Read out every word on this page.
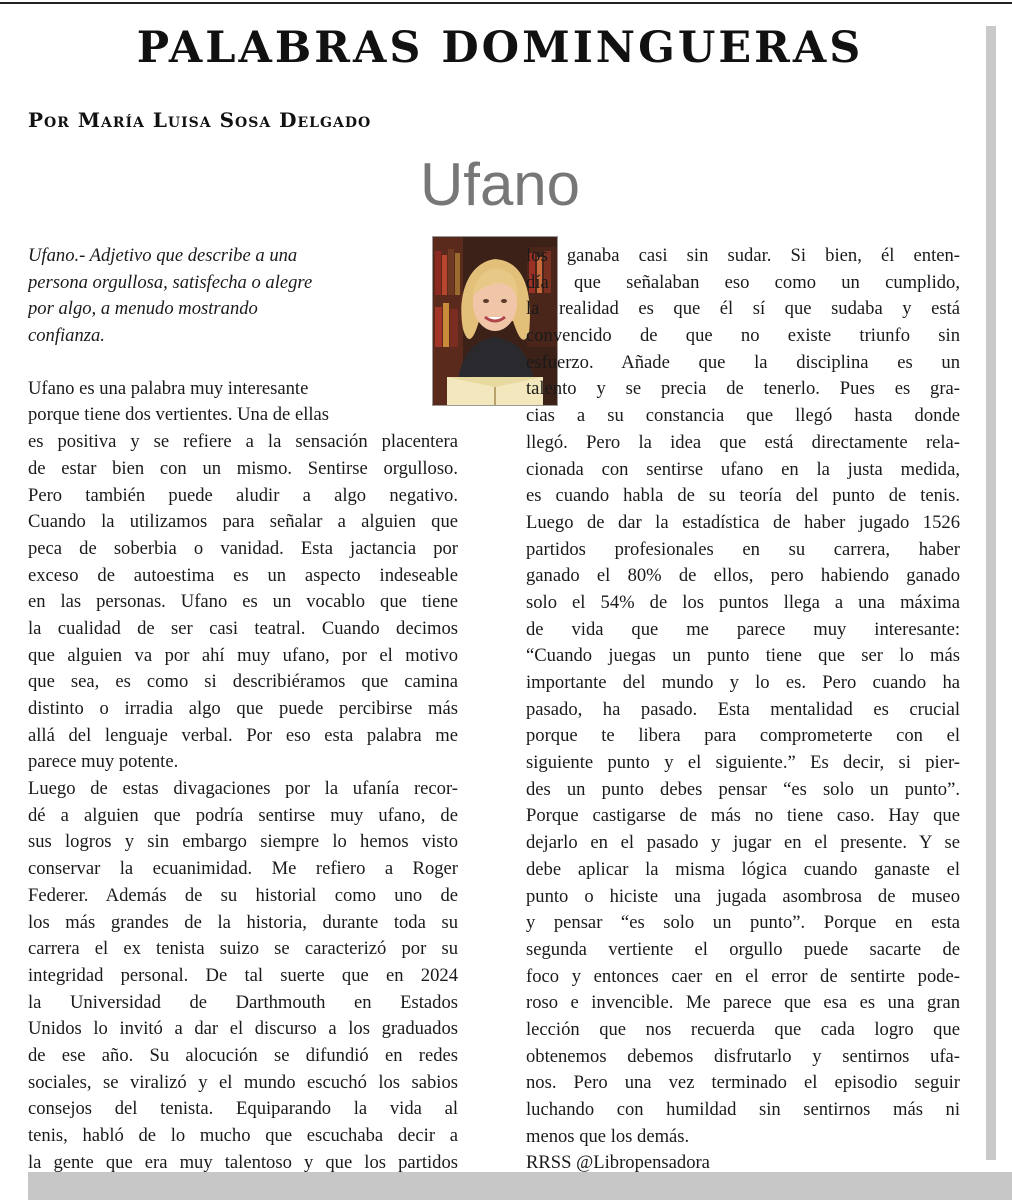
PALABRAS DOMINGUERAS

Por María Luisa Sosa Delgado

Ufano
Ufano.- Adjetivo que describe a una
persona orgullosa, satisfecha o alegre
por algo, a menudo mostrando
confianza.
Ufano es una palabra muy interesante
porque tiene dos vertientes. Una de ellas
es positiva y se refiere a la sensación placentera
de estar bien con un mismo. Sentirse orgulloso.
Pero también puede aludir a algo negativo.
Cuando la utilizamos para señalar a alguien que
peca de soberbia o vanidad. Esta jactancia por
exceso de autoestima es un aspecto indeseable
en las personas. Ufano es un vocablo que tiene
la cualidad de ser casi teatral. Cuando decimos
que alguien va por ahí muy ufano, por el motivo
que sea, es como si describiéramos que camina
distinto o irradia algo que puede percibirse más
allá del lenguaje verbal. Por eso esta palabra me
parece muy potente.
Luego de estas divagaciones por la ufanía recor-
dé a alguien que podría sentirse muy ufano, de
sus logros y sin embargo siempre lo hemos visto
conservar la ecuanimidad. Me refiero a Roger
Federer. Además de su historial como uno de
los más grandes de la historia, durante toda su
carrera el ex tenista suizo se caracterizó por su
integridad personal. De tal suerte que en 2024
la Universidad de Darthmouth en Estados
Unidos lo invitó a dar el discurso a los graduados
de ese año. Su alocución se difundió en redes
sociales, se viralizó y el mundo escuchó los sabios
consejos del tenista. Equiparando la vida al
tenis, habló de lo mucho que escuchaba decir a
la gente que era muy talentoso y que los partidos
los ganaba casi sin sudar. Si bien, él enten-
día que señalaban eso como un cumplido,
la realidad es que él sí que sudaba y está
convencido de que no existe triunfo sin
esfuerzo. Añade que la disciplina es un
talento y se precia de tenerlo. Pues es gra-
cias a su constancia que llegó hasta donde
llegó. Pero la idea que está directamente rela-
cionada con sentirse ufano en la justa medida,
es cuando habla de su teoría del punto de tenis.
Luego de dar la estadística de haber jugado 1526
partidos profesionales en su carrera, haber
ganado el 80% de ellos, pero habiendo ganado
solo el 54% de los puntos llega a una máxima
de vida que me parece muy interesante:
“Cuando juegas un punto tiene que ser lo más
importante del mundo y lo es. Pero cuando ha
pasado, ha pasado. Esta mentalidad es crucial
porque te libera para comprometerte con el
siguiente punto y el siguiente.” Es decir, si pier-
des un punto debes pensar “es solo un punto”.
Porque castigarse de más no tiene caso. Hay que
dejarlo en el pasado y jugar en el presente. Y se
debe aplicar la misma lógica cuando ganaste el
punto o hiciste una jugada asombrosa de museo
y pensar “es solo un punto”. Porque en esta
segunda vertiente el orgullo puede sacarte de
foco y entonces caer en el error de sentirte pode-
roso e invencible. Me parece que esa es una gran
lección que nos recuerda que cada logro que
obtenemos debemos disfrutarlo y sentirnos ufa-
nos. Pero una vez terminado el episodio seguir
luchando con humildad sin sentirnos más ni
menos que los demás.
RRSS @Libropensadora
